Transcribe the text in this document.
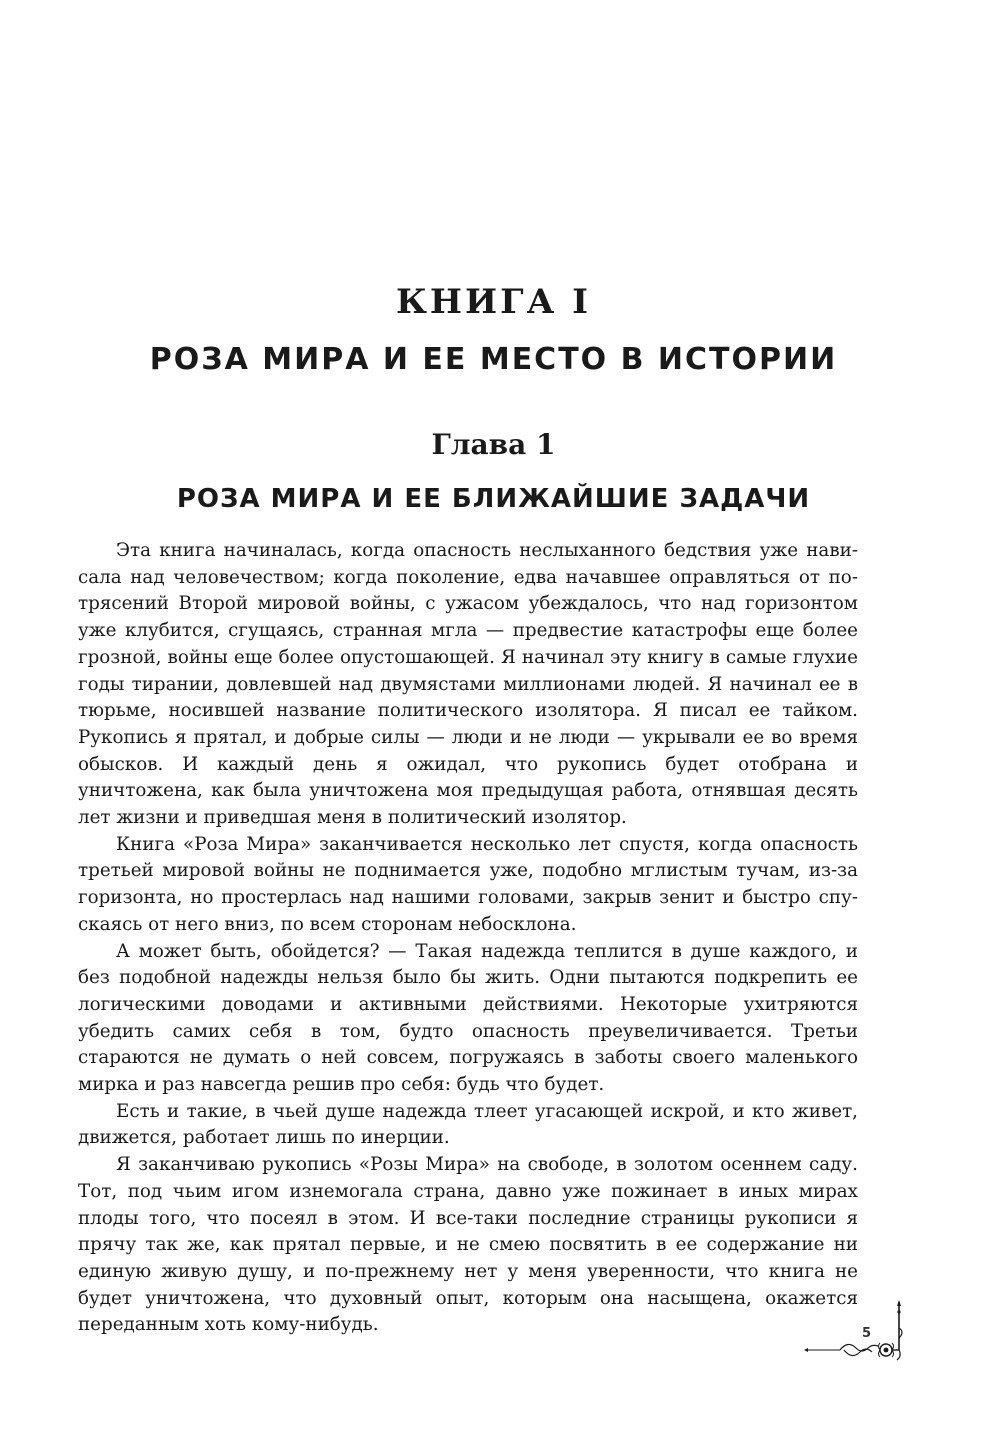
КНИГА I
РОЗА МИРА И ЕЕ МЕСТО В ИСТОРИИ
Глава 1
РОЗА МИРА И ЕЕ БЛИЖАЙШИЕ ЗАДАЧИ

Эта книга начиналась, когда опасность неслыханного бедствия уже нависала над человечеством; когда поколение, едва начавшее оправляться от потрясений Второй мировой войны, с ужасом убеждалось, что над горизонтом уже клубится, сгущаясь, странная мгла — предвестие катастрофы еще более грозной, войны еще более опустошающей. Я начинал эту книгу в самые глухие годы тирании, довлевшей над двумястами миллионами людей. Я начинал ее в тюрьме, носившей название политического изолятора. Я писал ее тайком. Рукопись я прятал, и добрые силы — люди и не люди — укрывали ее во время обысков. И каждый день я ожидал, что рукопись будет отобрана и уничтожена, как была уничтожена моя предыдущая работа, отнявшая десять лет жизни и приведшая меня в политический изолятор.

Книга «Роза Мира» заканчивается несколько лет спустя, когда опасность третьей мировой войны не поднимается уже, подобно мглистым тучам, из-за горизонта, но простерлась над нашими головами, закрыв зенит и быстро спускаясь от него вниз, по всем сторонам небосклона.

А может быть, обойдется? — Такая надежда теплится в душе каждого, и без подобной надежды нельзя было бы жить. Одни пытаются подкрепить ее логическими доводами и активными действиями. Некоторые ухитряются убедить самих себя в том, будто опасность преувеличивается. Третьи стараются не думать о ней совсем, погружаясь в заботы своего маленького мирка и раз навсегда решив про себя: будь что будет.

Есть и такие, в чьей душе надежда тлеет угасающей искрой, и кто живет, движется, работает лишь по инерции.

Я заканчиваю рукопись «Розы Мира» на свободе, в золотом осеннем саду. Тот, под чьим игом изнемогала страна, давно уже пожинает в иных мирах плоды того, что посеял в этом. И все-таки последние страницы рукописи я прячу так же, как прятал первые, и не смею посвятить в ее содержание ни единую живую душу, и по-прежнему нет у меня уверенности, что книга не будет уничтожена, что духовный опыт, которым она насыщена, окажется переданным хоть кому-нибудь.	5
